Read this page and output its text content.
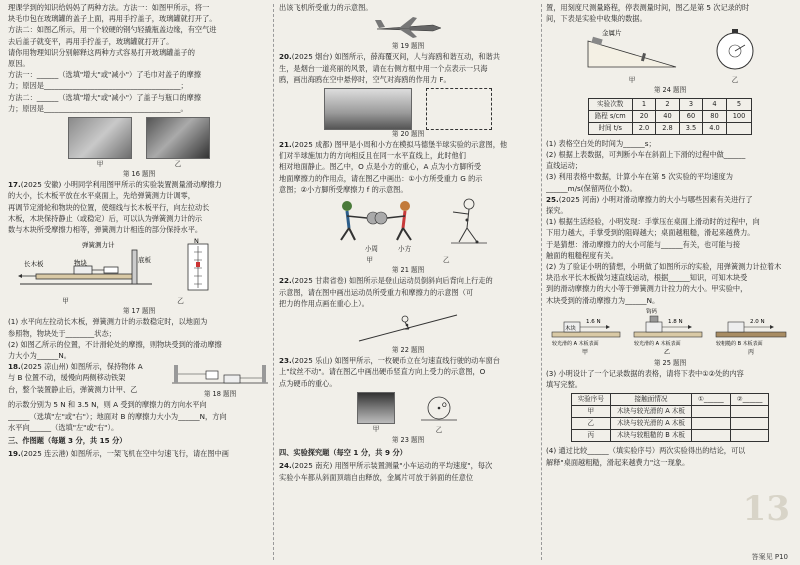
理课学到的知识给妈妈了两种方法。方法一：如图甲所示，将一

块毛巾包在玻璃罐的盖子上面，再用手拧盖子，玻璃罐就打开了。

方法二：如图乙所示，用一个较硬的钢勺轻撬瓶盖边缘，有空气进

去后盖子就变平，再用手拧盖子，玻璃罐就打开了。

请你用物理知识分别解释这两种方式容易打开玻璃罐盖子的

原因。

方法一：______（选填"增大"或"减小"）了毛巾对盖子的摩擦

力；原因是______________________________________；

方法二：______（选填"增大"或"减小"）了盖子与瓶口的摩擦

力；原因是______________________________________。

甲	乙
第 16 题图

17.(2025 安徽) 小明同学利用图甲所示的实验装置测量滑动摩擦力

的大小，长木板平放在水平桌面上，先给弹簧测力计调零，

再调节定滑轮和物块的位置，使细线与长木板平行，向左拉动长

木板，木块保持静止（或稳定）后，可以认为弹簧测力计的示

数与木块所受摩擦力相等，弹簧测力计相连的部分保持水平。

弹簧测力计
长木板	物块	底板
N
甲	乙
第 17 题图

(1) 水平向左拉动长木板，弹簧测力计的示数稳定时，以地面为

参照物，物块处于________状态；

(2) 如图乙所示的位置，不计滑轮处的摩擦，则物块受到的滑动摩擦

力大小为______N。

18.(2025 凉山州) 如图所示，保持物体 A

与 B 位置不动，缓慢向两侧移动铁架

台，整个装置静止后，弹簧测力计甲、乙

第 18 题图

的示数分别为 5 N 和 3.5 N，则 A 受到的摩擦力的方向水平向

______（选填"左"或"右"）；地面对 B 的摩擦力大小为______N，方向

水平向______（选填"左"或"右"）。

三、作图题（每题 3 分，共 15 分）

19.(2025 连云港) 如图所示，一架飞机在空中匀速飞行，请在图中画

出该飞机所受重力的示意图。

第 19 题图

20.(2025 烟台) 如图所示，薛海覆灭间，人与海鸥和谐互动，和谐共

生，是烟台一道亮丽的风景，请在右侧方框中用一个点表示一只海

鸥，画出海鸥在空中悬停时，空气对海鸥的作用力 F。

第 20 题图

21.(2025 成都) 图甲是小周和小方在模拟马德堡半球实验的示意图，他

们对半球施加力的方向相反且在同一水平直线上，此时他们

相对地面静止。图乙中，O 点是小方的重心，A 点为小方脚所受

地面摩擦力的作用点，请在图乙中画出：①小方所受重力 G 的示

意图；②小方脚所受摩擦力 f 的示意图。

小周	小方
甲	乙
第 21 题图

22.(2025 甘肃省卷) 如图所示是登山运动员倒斜向后背向上行走的

示意图，请在图中画出运动员所受重力和摩擦力的示意图（可

把力的作用点画在重心上）。

第 22 题图

23.(2025 乐山) 如图甲所示，一枚硬币立在匀速直线行驶的动车窗台

上"纹丝不动"。请在图乙中画出硬币竖直方向上受力的示意图，O

点为硬币的重心。

甲
O
乙
第 23 题图

四、实验探究题（每空 1 分，共 9 分）

24.(2025 南充) 用图甲所示装置测量"小车运动的平均速度"，每次

实验小车都从斜面顶端自由释放，金属片可放于斜面的任意位

置，用刻度尺测量路程，停表测量时间，图乙是第 5 次记录的时

间，下表是实验中收集的数据。

金属片
甲	乙
第 24 题图
实验次数	1	2	3	4	5
路程 s/cm	20	40	60	80	100
时间 t/s	2.0	2.8	3.5	4.0	

(1) 表格空白处的时间为______s；

(2) 根据上表数据，可判断小车在斜面上下滑的过程中做______

直线运动；

(3) 利用表格中数据，计算小车在第 5 次实验的平均速度为

______m/s(保留两位小数)。

25.(2025 河南) 小明对滑动摩擦力的大小与哪些因素有关进行了

探究。

(1) 根据生活经验，小明发现：手掌压在桌面上滑动时的过程中，向

下用力越大，手掌受到的阻碍越大；桌面越粗糙，滑起来越费力。

于是猜想：滑动摩擦力的大小可能与______有关，也可能与接

触面的粗糙程度有关。

(2) 为了验证小明的猜想，小明做了如图所示的实验，用弹簧测力计拉着木

块沿水平长木板做匀速直线运动，根据______知识，可知木块受

到的滑动摩擦力的大小等于弹簧测力计拉力的大小。甲实验中，

木块受到的滑动摩擦力为______N。

木块
1.6 N
较光滑的 A 木板表面
甲
钩码
1.8 N
较光滑的 A 木板表面
乙
2.0 N
较粗糙的 B 木板表面
丙
第 25 题图

(3) 小明设计了一个记录数据的表格，请将下表中①②处的内容

填写完整。

实验序号	接触面情况	①______	②______
甲	木块与较光滑的 A 木板		
乙	木块与较光滑的 A 木板		
丙	木块与较粗糙的 B 木板		

(4) 通过比较______（填实验序号）两次实验得出的结论，可以

解释"桌面越粗糙，滑起来越费力"这一现象。

13
答案见 P10
